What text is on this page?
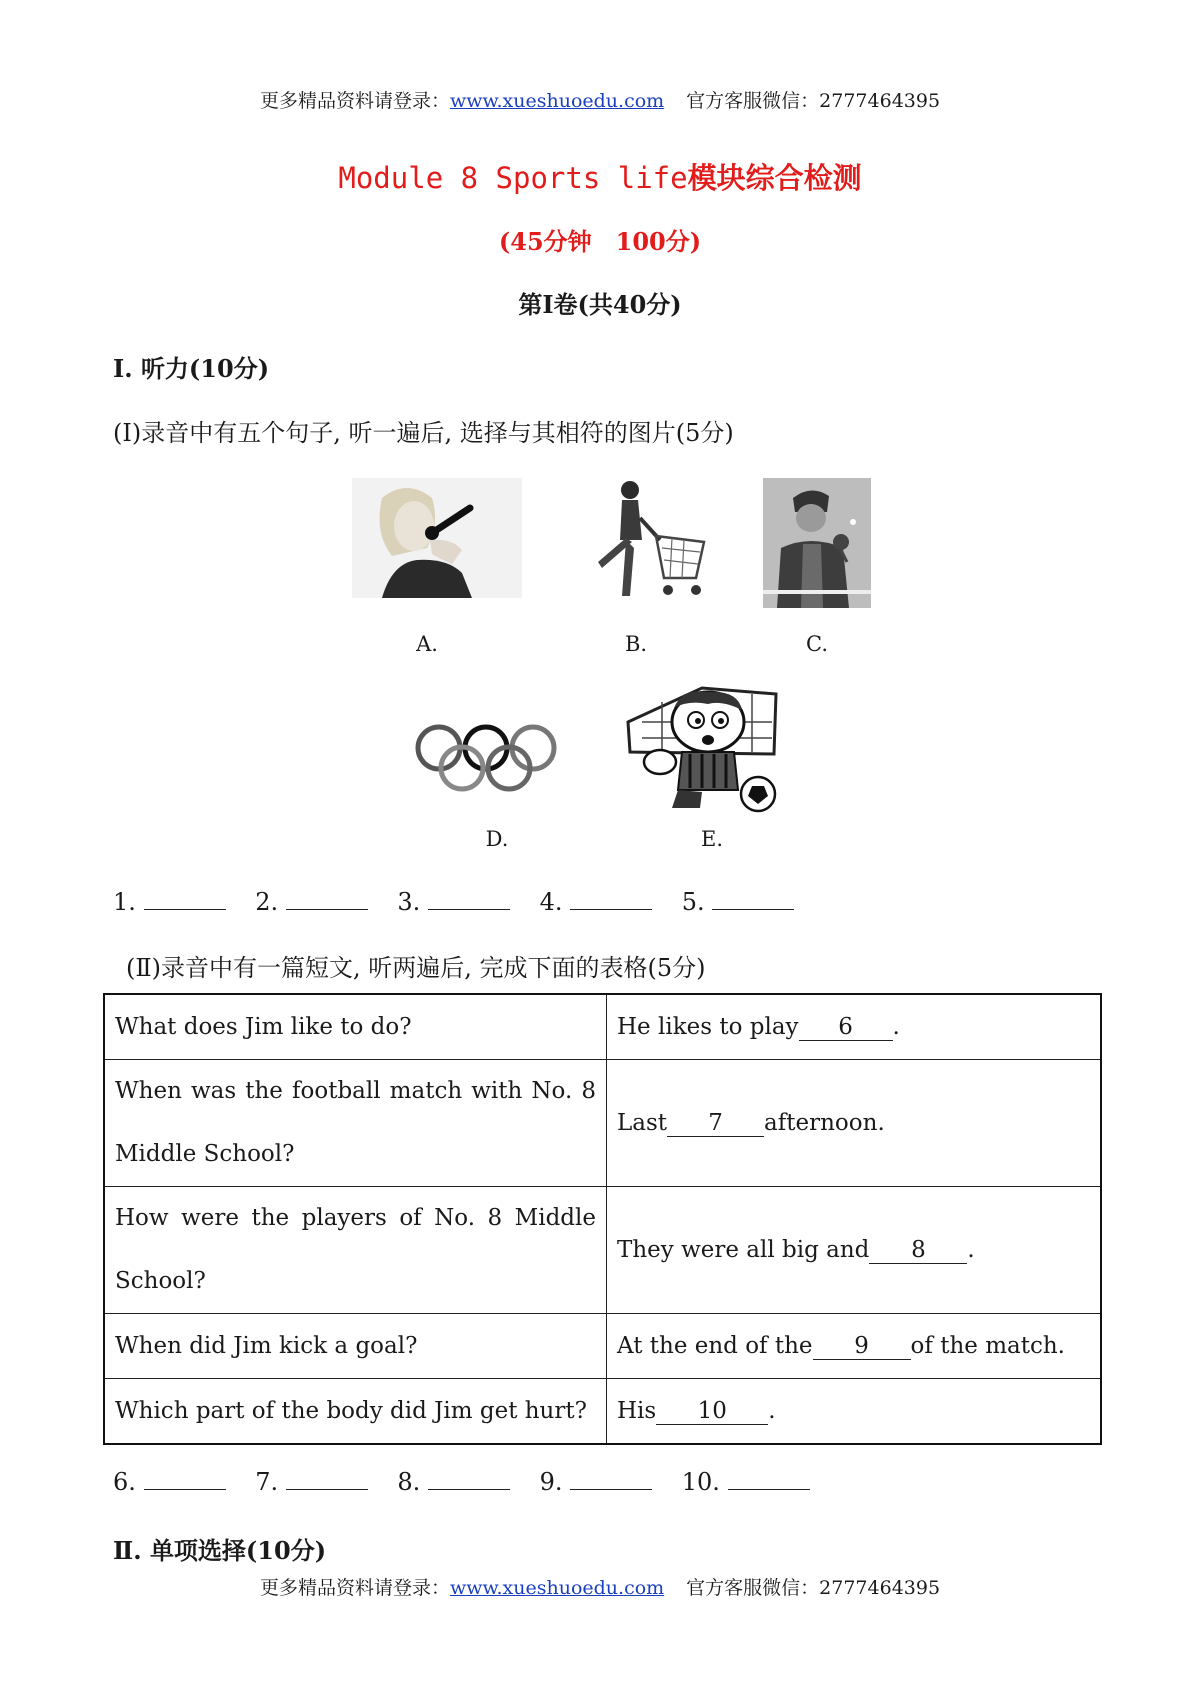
更多精品资料请登录：www.xueshuoedu.com 官方客服微信：2777464395
Module 8 Sports life模块综合检测
(45分钟　100分)
第Ⅰ卷(共40分)
Ⅰ. 听力(10分)
(Ⅰ)录音中有五个句子, 听一遍后, 选择与其相符的图片(5分)
A.	B.	C.
D.	E.
1.	2.	3.	4.	5.
(Ⅱ)录音中有一篇短文, 听两遍后, 完成下面的表格(5分)
What does Jim like to do?	He likes to play 6 .
When was the football match with No. 8 Middle School?	Last 7 afternoon.
How were the players of No. 8 Middle School?	They were all big and 8 .
When did Jim kick a goal?	At the end of the 9 of the match.
Which part of the body did Jim get hurt?	His 10 .
6.	7.	8.	9.	10.
Ⅱ. 单项选择(10分)
更多精品资料请登录：www.xueshuoedu.com 官方客服微信：2777464395
